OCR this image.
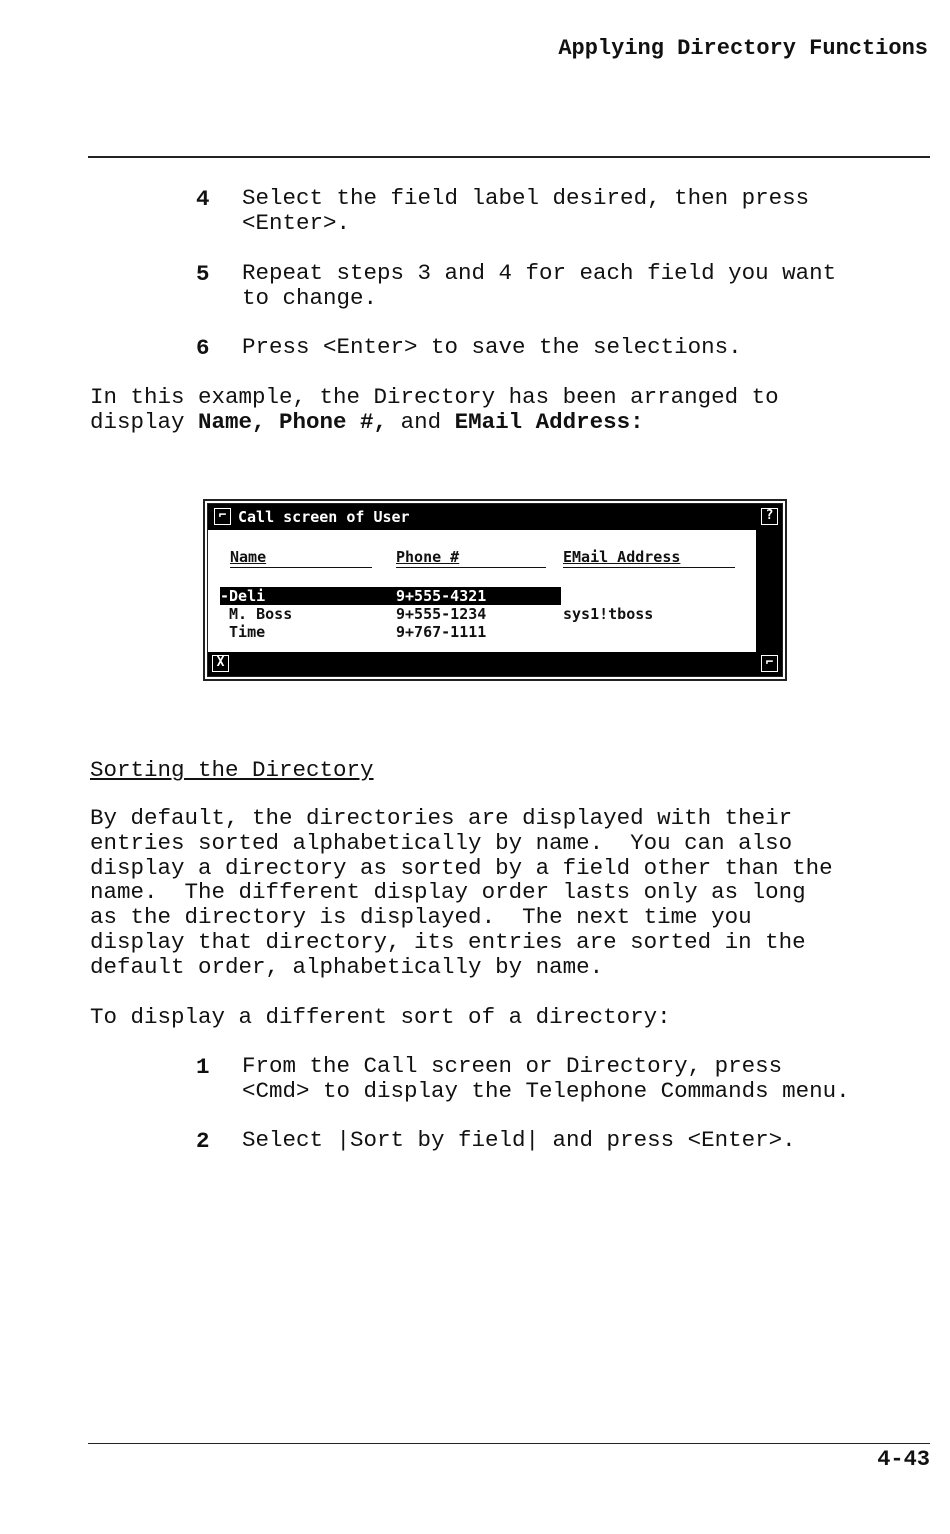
Applying Directory Functions
4 Select the field label desired, then press
<Enter>.
5 Repeat steps 3 and 4 for each field you want
to change.
6 Press <Enter> to save the selections.
In this example, the Directory has been arranged to
display Name, Phone #, and EMail Address:
⌐ Call screen of User	?
Name	Phone #	EMail Address
-Deli	9+555-4321
M. Boss	9+555-1234	sys1!tboss
Time	9+767-1111
X	⌐
Sorting the Directory
By default, the directories are displayed with their
entries sorted alphabetically by name.  You can also
display a directory as sorted by a field other than the
name.  The different display order lasts only as long
as the directory is displayed.  The next time you
display that directory, its entries are sorted in the
default order, alphabetically by name.
To display a different sort of a directory:
1 From the Call screen or Directory, press
<Cmd> to display the Telephone Commands menu.
2 Select |Sort by field| and press <Enter>.
4-43
